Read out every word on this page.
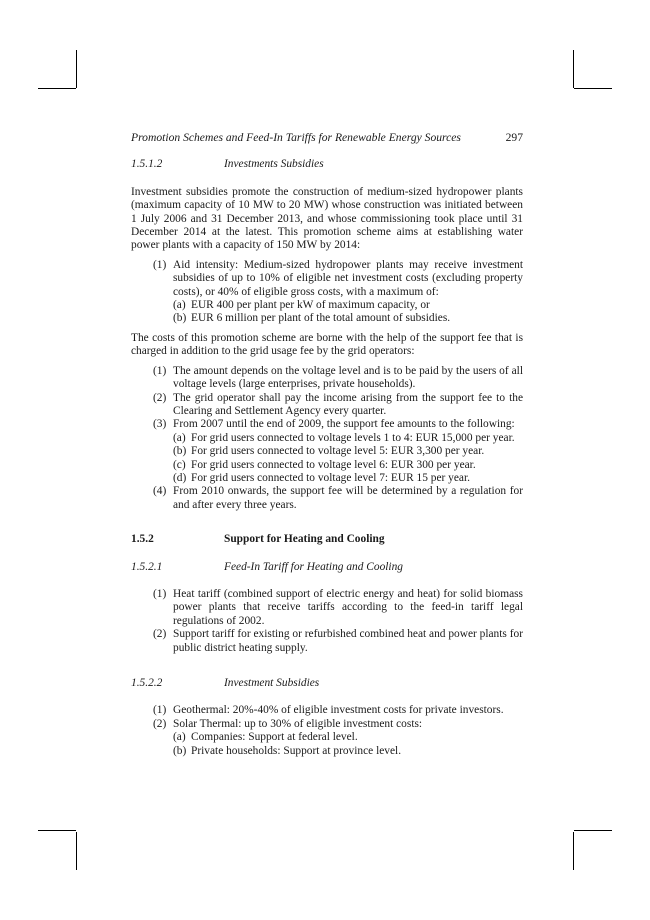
Promotion Schemes and Feed-In Tariffs for Renewable Energy Sources	297
1.5.1.2	Investments Subsidies

Investment subsidies promote the construction of medium-sized hydropower plants (maximum capacity of 10 MW to 20 MW) whose construction was initiated between 1 July 2006 and 31 December 2013, and whose commissioning took place until 31 December 2014 at the latest. This promotion scheme aims at establishing water power plants with a capacity of 150 MW by 2014:

(1) Aid intensity: Medium-sized hydropower plants may receive investment subsidies of up to 10% of eligible net investment costs (excluding property costs), or 40% of eligible gross costs, with a maximum of:
(a) EUR 400 per plant per kW of maximum capacity, or
(b) EUR 6 million per plant of the total amount of subsidies.

The costs of this promotion scheme are borne with the help of the support fee that is charged in addition to the grid usage fee by the grid operators:

(1) The amount depends on the voltage level and is to be paid by the users of all voltage levels (large enterprises, private households).
(2) The grid operator shall pay the income arising from the support fee to the Clearing and Settlement Agency every quarter.
(3) From 2007 until the end of 2009, the support fee amounts to the following:
(a) For grid users connected to voltage levels 1 to 4: EUR 15,000 per year.
(b) For grid users connected to voltage level 5: EUR 3,300 per year.
(c) For grid users connected to voltage level 6: EUR 300 per year.
(d) For grid users connected to voltage level 7: EUR 15 per year.
(4) From 2010 onwards, the support fee will be determined by a regulation for and after every three years.
1.5.2	Support for Heating and Cooling
1.5.2.1	Feed-In Tariff for Heating and Cooling
(1) Heat tariff (combined support of electric energy and heat) for solid biomass power plants that receive tariffs according to the feed-in tariff legal regulations of 2002.
(2) Support tariff for existing or refurbished combined heat and power plants for public district heating supply.
1.5.2.2	Investment Subsidies
(1) Geothermal: 20%-40% of eligible investment costs for private investors.
(2) Solar Thermal: up to 30% of eligible investment costs:
(a) Companies: Support at federal level.
(b) Private households: Support at province level.
